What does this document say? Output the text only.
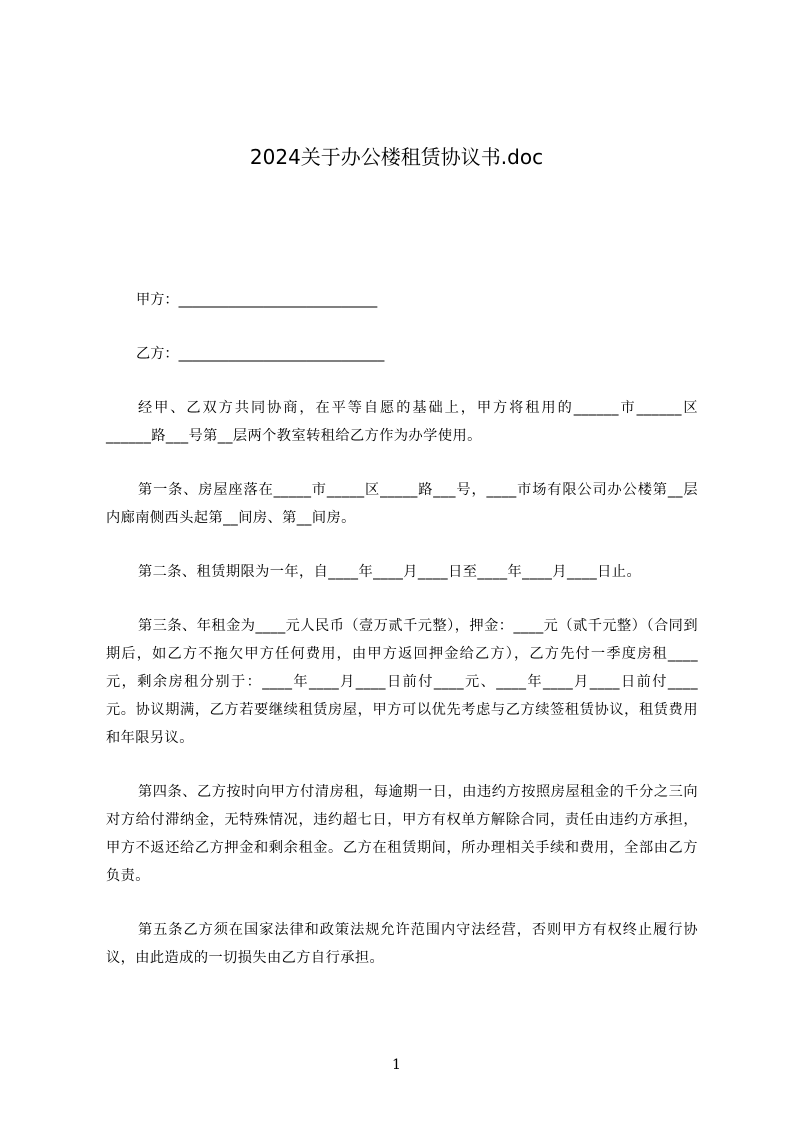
2024关于办公楼租赁协议书.doc
甲方：____________________________
乙方：_____________________________

经甲、乙双方共同协商，在平等自愿的基础上，甲方将租用的______市______区______路___号第__层两个教室转租给乙方作为办学使用。

第一条、房屋座落在_____市_____区_____路___号，____市场有限公司办公楼第__层内廊南侧西头起第__间房、第__间房。

第二条、租赁期限为一年，自____年____月____日至____年____月____日止。

第三条、年租金为____元人民币（壹万贰千元整），押金：____元（贰千元整）（合同到期后，如乙方不拖欠甲方任何费用，由甲方返回押金给乙方），乙方先付一季度房租____元，剩余房租分别于：____年____月____日前付____元、____年____月____日前付____元。协议期满，乙方若要继续租赁房屋，甲方可以优先考虑与乙方续签租赁协议，租赁费用和年限另议。

第四条、乙方按时向甲方付清房租，每逾期一日，由违约方按照房屋租金的千分之三向对方给付滞纳金，无特殊情况，违约超七日，甲方有权单方解除合同，责任由违约方承担，甲方不返还给乙方押金和剩余租金。乙方在租赁期间，所办理相关手续和费用，全部由乙方负责。

第五条乙方须在国家法律和政策法规允许范围内守法经营，否则甲方有权终止履行协议，由此造成的一切损失由乙方自行承担。

1
